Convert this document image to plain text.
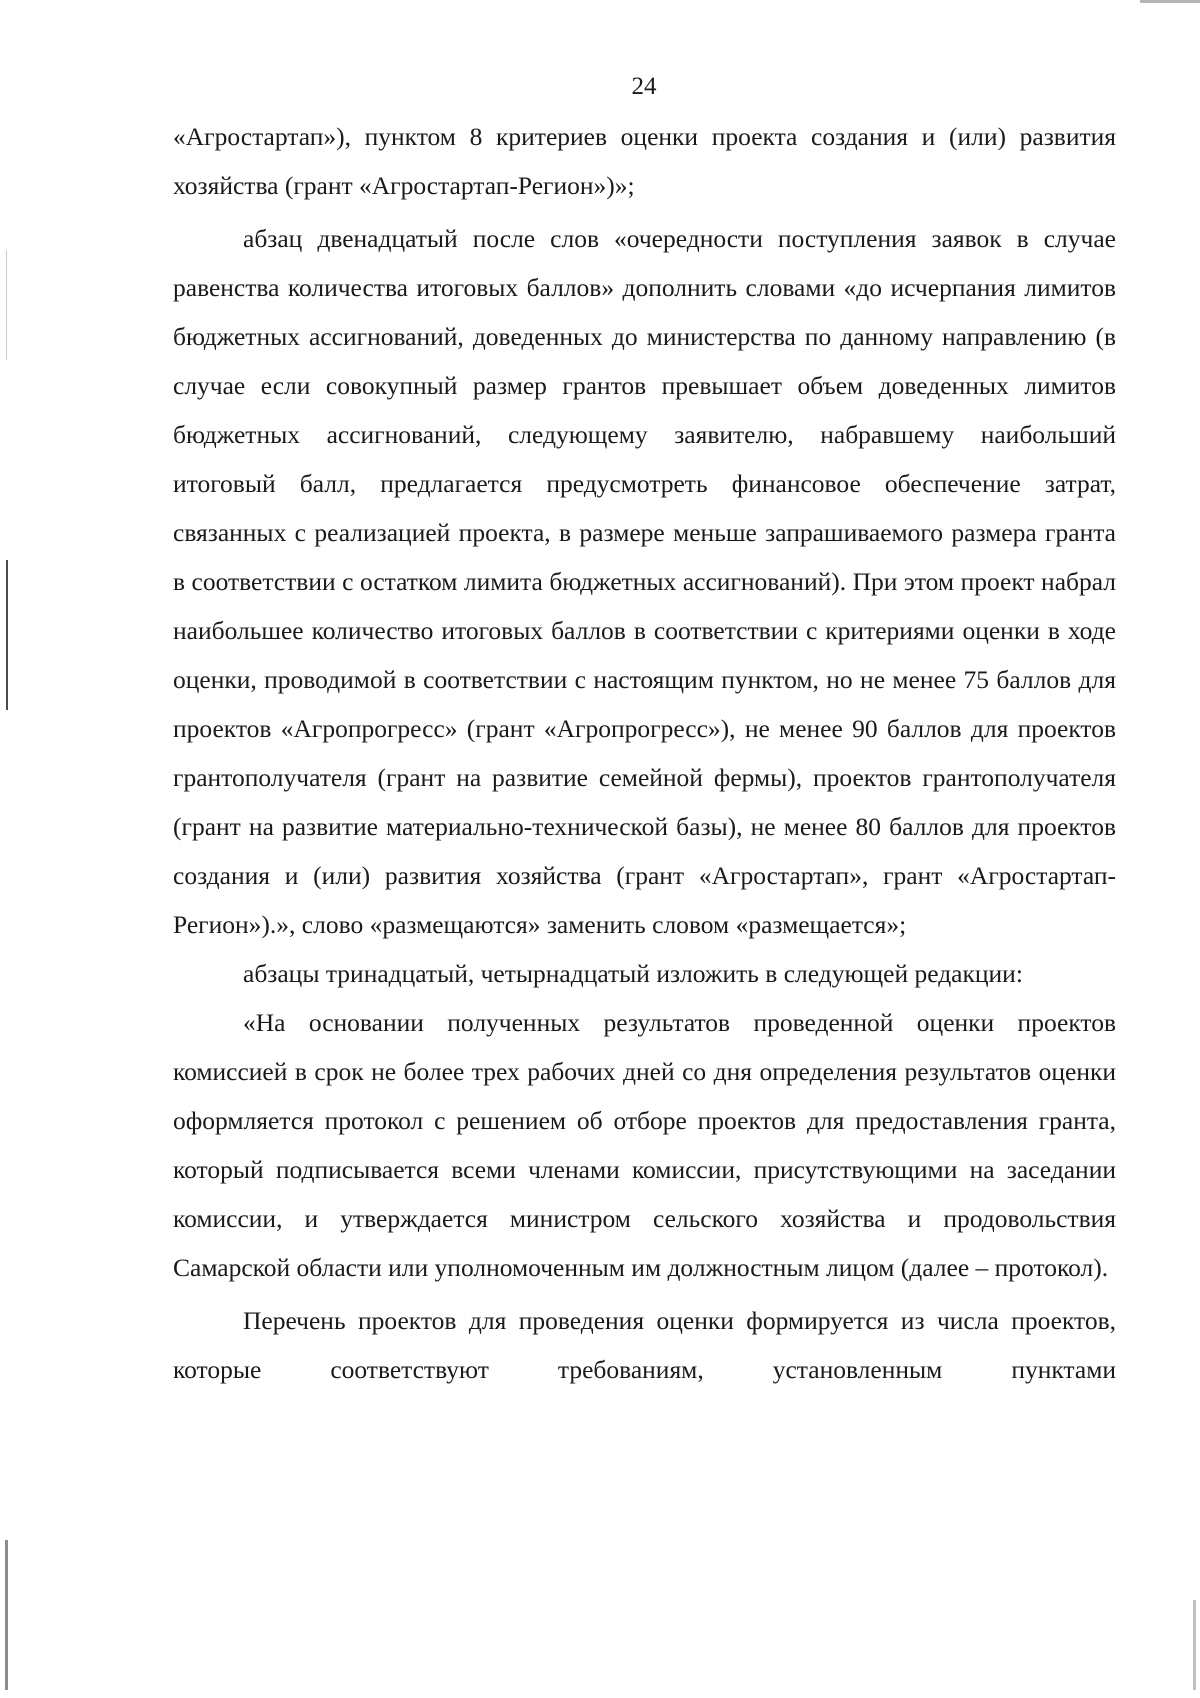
24

«Агростартап»), пунктом 8 критериев оценки проекта создания и (или) развития хозяйства (грант «Агростартап-Регион»)»;

абзац двенадцатый после слов «очередности поступления заявок в случае равенства количества итоговых баллов» дополнить словами «до исчерпания лимитов бюджетных ассигнований, доведенных до министерства по данному направлению (в случае если совокупный размер грантов превышает объем доведенных лимитов бюджетных ассигнований, следующему заявителю, набравшему наибольший итоговый балл, предлагается предусмотреть финансовое обеспечение затрат, связанных с реализацией проекта, в размере меньше запрашиваемого размера гранта в соответствии с остатком лимита бюджетных ассигнований). При этом проект набрал наибольшее количество итоговых баллов в соответствии с критериями оценки в ходе оценки, проводимой в соответствии с настоящим пунктом, но не менее 75 баллов для проектов «Агропрогресс» (грант «Агропрогресс»), не менее 90 баллов для проектов грантополучателя (грант на развитие семейной фермы), проектов грантополучателя (грант на развитие материально-технической базы), не менее 80 баллов для проектов создания и (или) развития хозяйства (грант «Агростартап», грант «Агростартап-Регион»).», слово «размещаются» заменить словом «размещается»;

абзацы тринадцатый, четырнадцатый изложить в следующей редакции:

«На основании полученных результатов проведенной оценки проектов комиссией в срок не более трех рабочих дней со дня определения результатов оценки оформляется протокол с решением об отборе проектов для предоставления гранта, который подписывается всеми членами комиссии, присутствующими на заседании комиссии, и утверждается министром сельского хозяйства и продовольствия Самарской области или уполномоченным им должностным лицом (далее – протокол).

Перечень проектов для проведения оценки формируется из числа проектов, которые соответствуют требованиям, установленным пунктами
